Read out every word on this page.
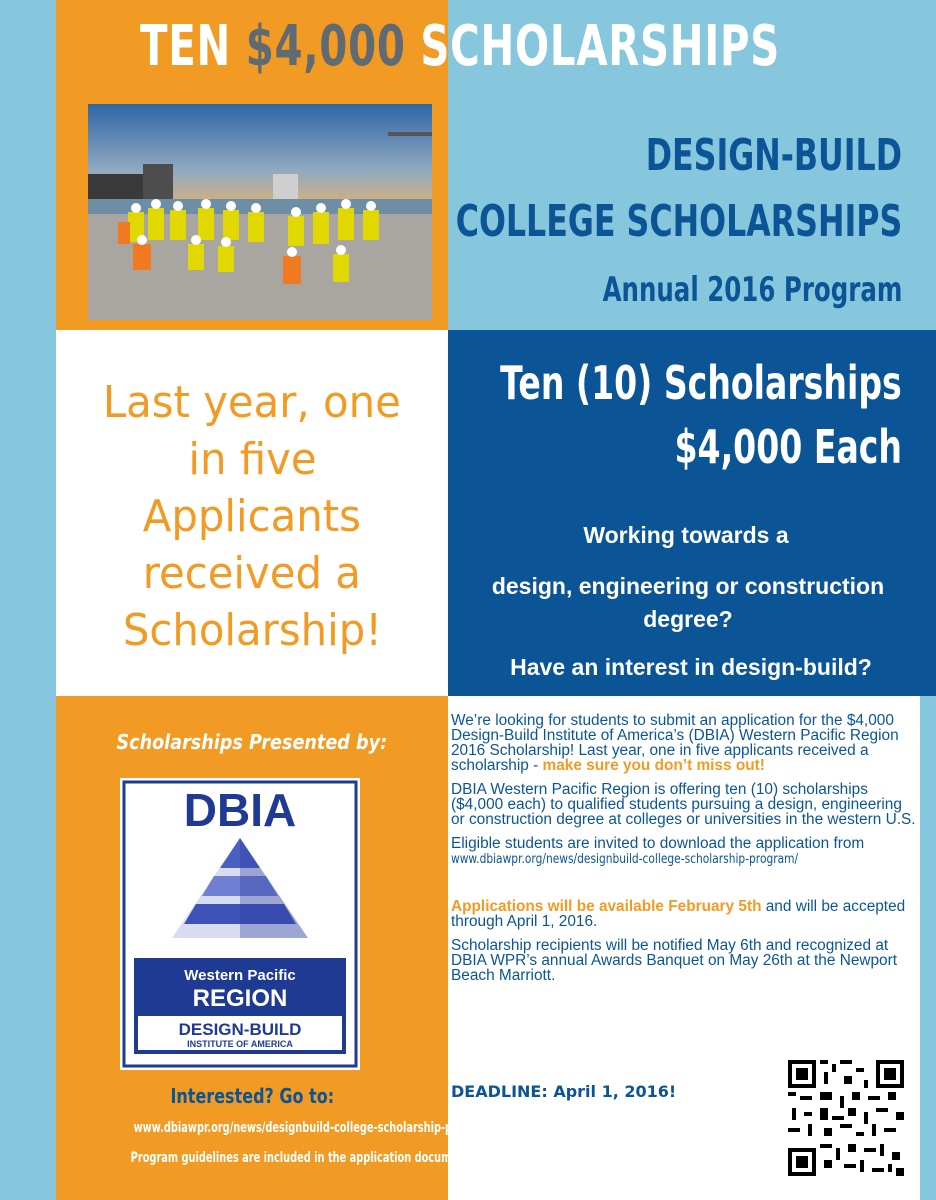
TEN $4,000 SCHOLARSHIPS
DESIGN-BUILD
COLLEGE SCHOLARSHIPS
Annual 2016 Program
Last year, one
in five
Applicants
received a
Scholarship!
Ten (10) Scholarships
$4,000 Each
Working towards a
design, engineering or construction degree?
Have an interest in design-build?
Scholarships Presented by:
DBIA
Western Pacific
REGION
DESIGN-BUILD
INSTITUTE OF AMERICA
Interested? Go to:
www.dbiawpr.org/news/designbuild-college-scholarship-program/
Program guidelines are included in the application documents.

We’re looking for students to submit an application for the $4,000 Design-Build Institute of America’s (DBIA) Western Pacific Region 2016 Scholarship! Last year, one in five applicants received a scholarship - make sure you don’t miss out!

DBIA Western Pacific Region is offering ten (10) scholarships ($4,000 each) to qualified students pursuing a design, engineering or construction degree at colleges or universities in the western U.S.

Eligible students are invited to download the application from www.dbiawpr.org/news/designbuild-college-scholarship-program/

Applications will be available February 5th and will be accepted through April 1, 2016.

Scholarship recipients will be notified May 6th and recognized at DBIA WPR’s annual Awards Banquet on May 26th at the Newport Beach Marriott.

DEADLINE: April 1, 2016!
